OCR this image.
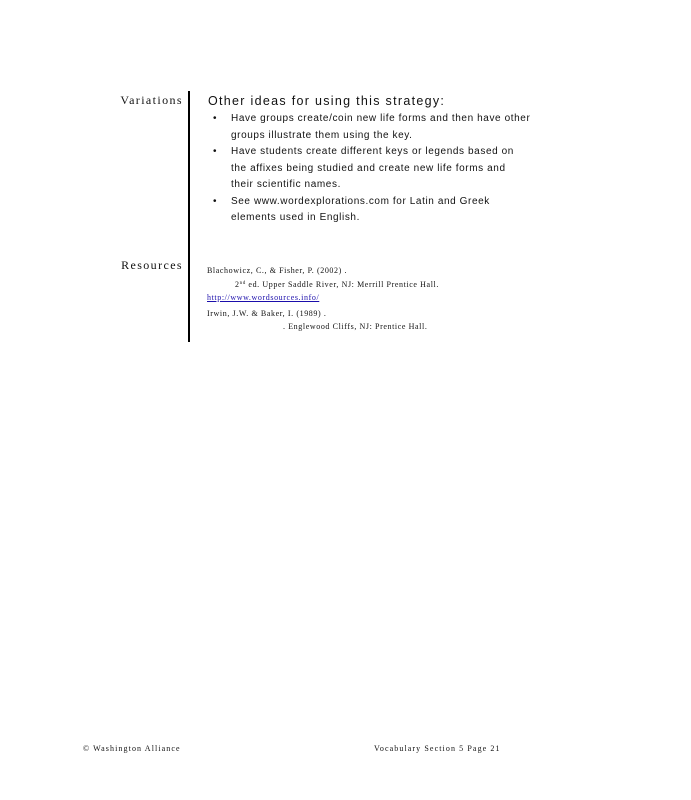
Variations
Resources
Other ideas for using this strategy:
• Have groups create/coin new life forms and then have other
groups illustrate them using the key.
• Have students create different keys or legends based on
the affixes being studied and create new life forms and
their scientific names.
• See www.wordexplorations.com for Latin and Greek
elements used in English.
Blachowicz, C., & Fisher, P. (2002) .
2nd ed. Upper Saddle River, NJ: Merrill Prentice Hall.
http://www.wordsources.info/
Irwin, J.W. & Baker, I. (1989) .
. Englewood Cliffs, NJ: Prentice Hall.
© Washington Alliance	Vocabulary Section 5 Page 21
